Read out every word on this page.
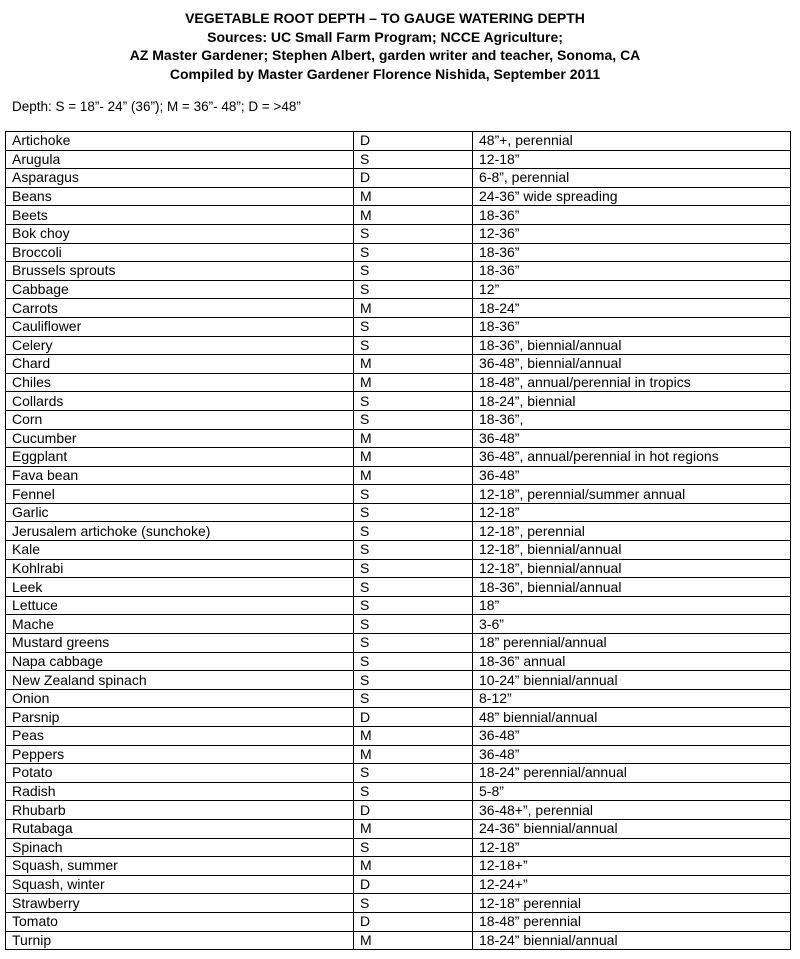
VEGETABLE ROOT DEPTH – TO GAUGE WATERING DEPTH
Sources: UC Small Farm Program; NCCE Agriculture;
AZ Master Gardener; Stephen Albert, garden writer and teacher, Sonoma, CA
Compiled by Master Gardener Florence Nishida, September 2011
Depth: S = 18”- 24” (36”); M = 36”- 48”; D = >48”
Artichoke	D	48”+, perennial
Arugula	S	12-18”
Asparagus	D	6-8”, perennial
Beans	M	24-36” wide spreading
Beets	M	18-36”
Bok choy	S	12-36”
Broccoli	S	18-36”
Brussels sprouts	S	18-36”
Cabbage	S	12”
Carrots	M	18-24”
Cauliflower	S	18-36”
Celery	S	18-36”, biennial/annual
Chard	M	36-48”, biennial/annual
Chiles	M	18-48”, annual/perennial in tropics
Collards	S	18-24”, biennial
Corn	S	18-36”,
Cucumber	M	36-48”
Eggplant	M	36-48”, annual/perennial in hot regions
Fava bean	M	36-48”
Fennel	S	12-18”, perennial/summer annual
Garlic	S	12-18”
Jerusalem artichoke (sunchoke)	S	12-18”, perennial
Kale	S	12-18”, biennial/annual
Kohlrabi	S	12-18”, biennial/annual
Leek	S	18-36”, biennial/annual
Lettuce	S	18”
Mache	S	3-6”
Mustard greens	S	18” perennial/annual
Napa cabbage	S	18-36” annual
New Zealand spinach	S	10-24” biennial/annual
Onion	S	8-12”
Parsnip	D	48” biennial/annual
Peas	M	36-48”
Peppers	M	36-48”
Potato	S	18-24” perennial/annual
Radish	S	5-8”
Rhubarb	D	36-48+”, perennial
Rutabaga	M	24-36” biennial/annual
Spinach	S	12-18”
Squash, summer	M	12-18+”
Squash, winter	D	12-24+”
Strawberry	S	12-18” perennial
Tomato	D	18-48” perennial
Turnip	M	18-24” biennial/annual
